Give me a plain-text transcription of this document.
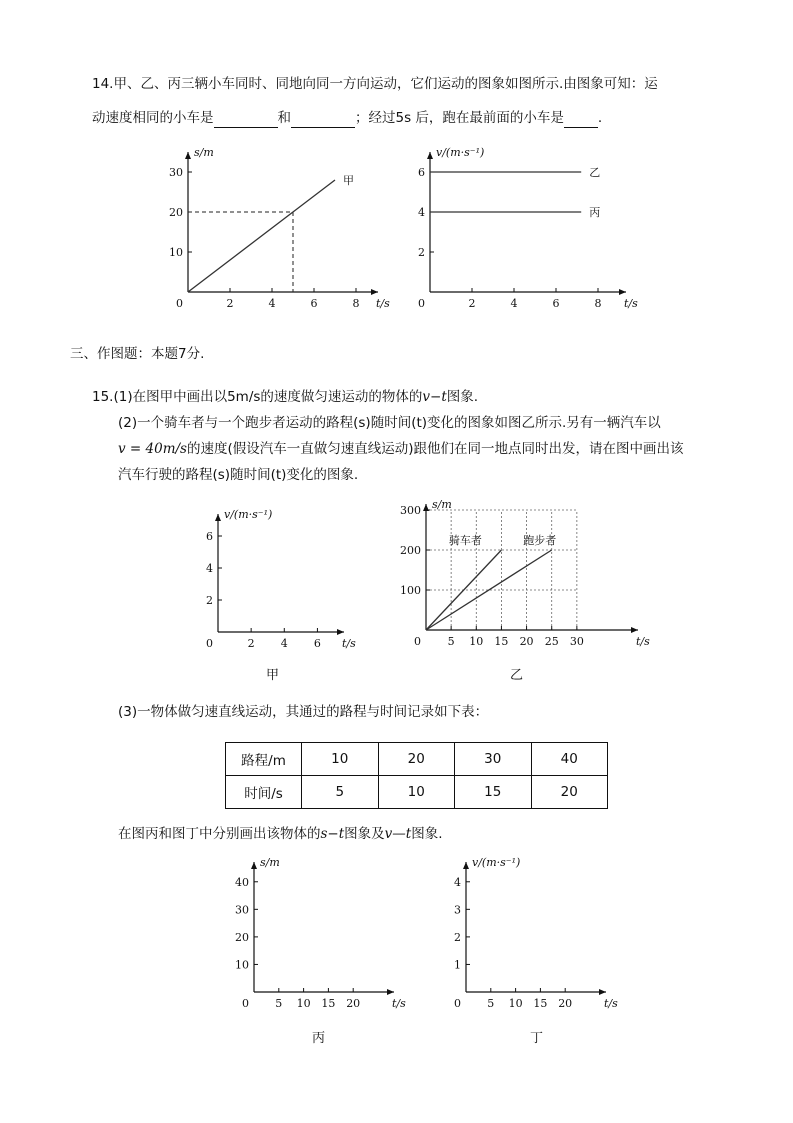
14.甲、乙、丙三辆小车同时、同地向同一方向运动，它们运动的图象如图所示.由图象可知：运
动速度相同的小车是	和	；经过5s 后，跑在最前面的小车是	.
2	4	6	8
10
20
30
0	t/s
s/m
甲
2	4	6	8
2
4
6
0	t/s
v/(m·s⁻¹)
乙
丙
三、作图题：本题7分.
15.(1)在图甲中画出以5m/s的速度做匀速运动的物体的v−t图象.
(2)一个骑车者与一个跑步者运动的路程(s)随时间(t)变化的图象如图乙所示.另有一辆汽车以
v = 40m/s的速度(假设汽车一直做匀速直线运动)跟他们在同一地点同时出发，请在图中画出该
汽车行驶的路程(s)随时间(t)变化的图象.
2 4 6
2
4
6
0	t/s
v/(m·s⁻¹)
5 10 15 20 25 30
100
200
300
0	t/s
s/m
骑车者	跑步者
甲	乙
(3)一物体做匀速直线运动，其通过的路程与时间记录如下表：
路程/m	10	20	30	40
时间/s	5	10	15	20
在图丙和图丁中分别画出该物体的s−t图象及v—t图象.
5 10 15 20
10
20
30
40
0	t/s
s/m
5 10 15 20
1
2
3
4
0	t/s
v/(m·s⁻¹)
丙	丁
